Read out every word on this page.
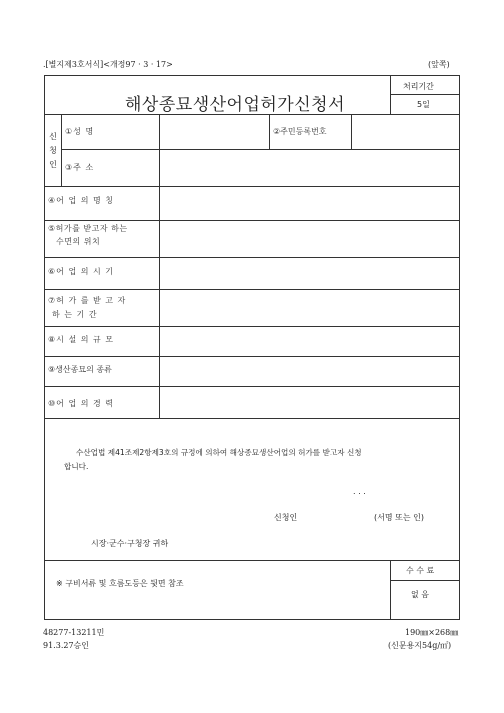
.[별지제3호서식]<개정97 · 3 · 17>	(앞쪽)
해상종묘생산어업허가신청서
처리기간
5일
신 청 인
①성 명	②주민등록번호
③주 소
④어 업 의 명 칭
⑤허가를 받고자 하는
수면의 위치
⑥어 업 의 시 기
⑦허 가 를 받 고 자
하 는 기 간
⑧시 설 의 규 모
⑨생산종묘의 종류
⑩어 업 의 경 력
수산업법 제41조제2항제3호의 규정에 의하여 해상종묘생산어업의 허가를 받고자 신청
합니다.
. . .
신청인	(서명 또는 인)
시장·군수·구청장 귀하
※ 구비서류 및 흐름도등은 뒷면 참조
수 수 료
없 음
48277-13211민
91.3.27승인
190㎜×268㎜
(신문용지54g/㎡)
